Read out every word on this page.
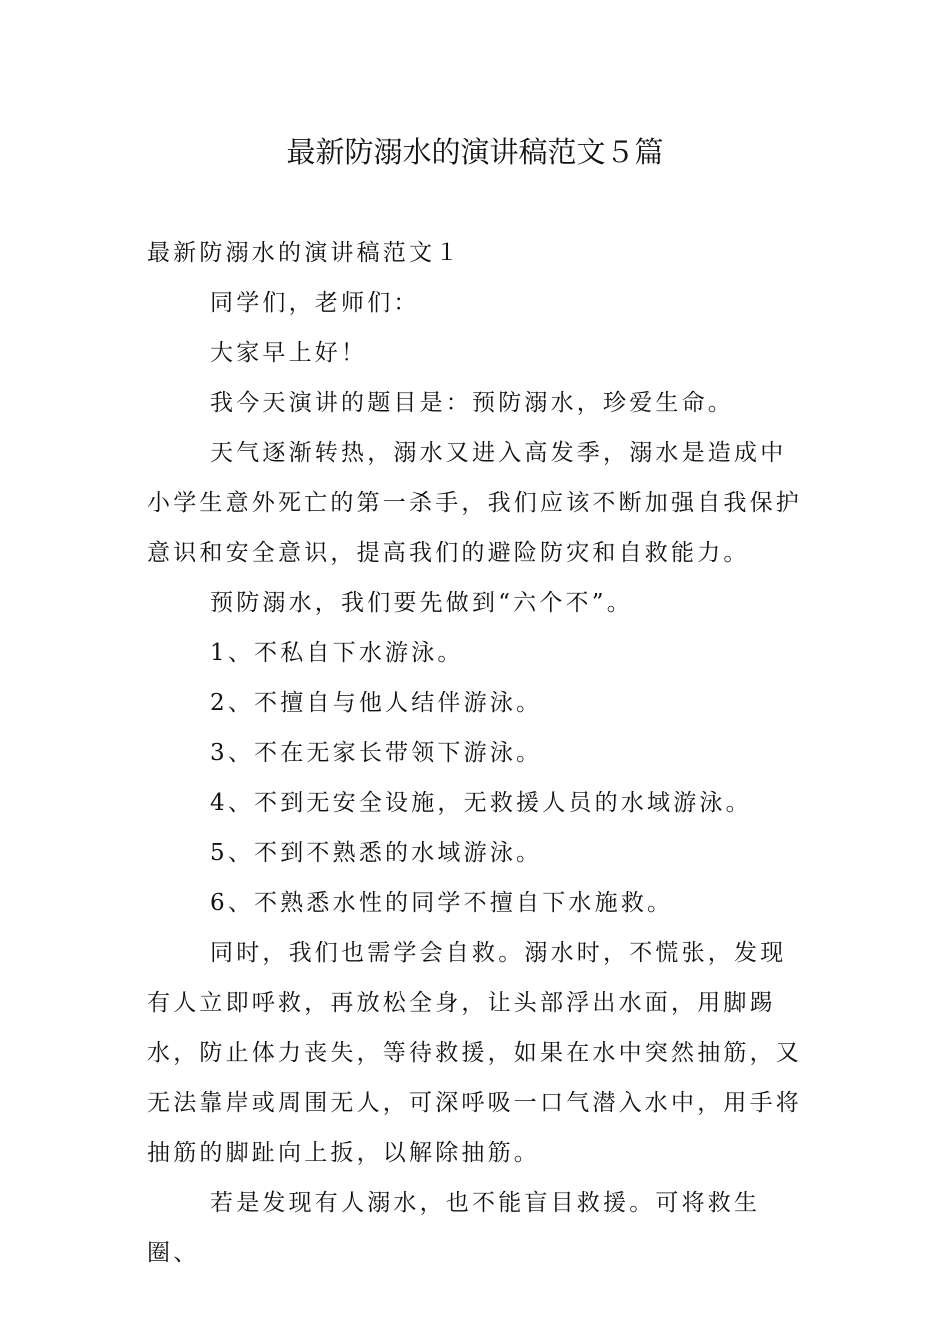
最新防溺水的演讲稿范文５篇

最新防溺水的演讲稿范文１

同学们，老师们：

大家早上好！

我今天演讲的题目是：预防溺水，珍爱生命。

天气逐渐转热，溺水又进入高发季，溺水是造成中小学生意外死亡的第一杀手，我们应该不断加强自我保护意识和安全意识，提高我们的避险防灾和自救能力。

预防溺水，我们要先做到“六个不”。

1、不私自下水游泳。

2、不擅自与他人结伴游泳。

3、不在无家长带领下游泳。

4、不到无安全设施，无救援人员的水域游泳。

5、不到不熟悉的水域游泳。

6、不熟悉水性的同学不擅自下水施救。

同时，我们也需学会自救。溺水时，不慌张，发现有人立即呼救，再放松全身，让头部浮出水面，用脚踢水，防止体力丧失，等待救援，如果在水中突然抽筋，又无法靠岸或周围无人，可深呼吸一口气潜入水中，用手将抽筋的脚趾向上扳，以解除抽筋。

若是发现有人溺水，也不能盲目救援。可将救生圈、
